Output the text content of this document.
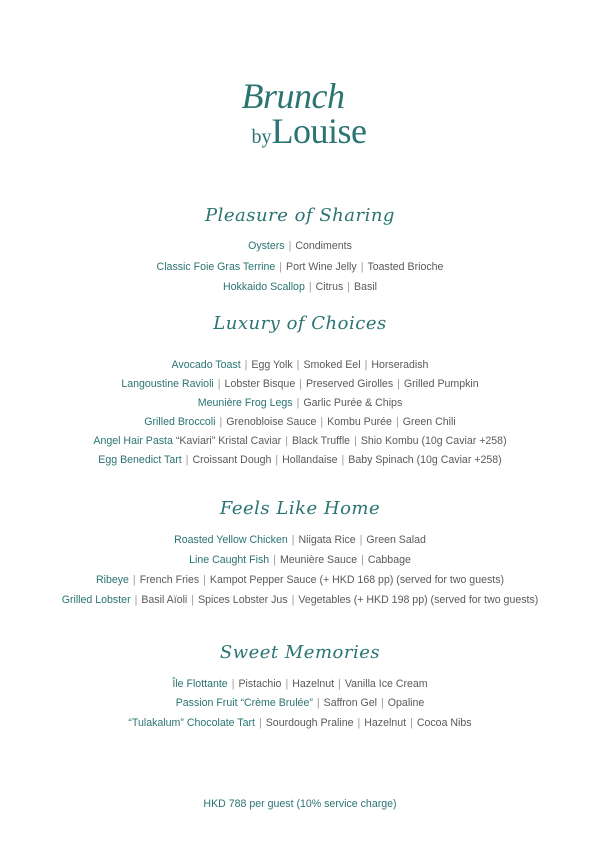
Brunch
byLouise
Pleasure of Sharing
Oysters | Condiments
Classic Foie Gras Terrine | Port Wine Jelly | Toasted Brioche
Hokkaido Scallop | Citrus | Basil
Luxury of Choices
Avocado Toast | Egg Yolk | Smoked Eel | Horseradish
Langoustine Ravioli | Lobster Bisque | Preserved Girolles | Grilled Pumpkin
Meunière Frog Legs | Garlic Purée & Chips
Grilled Broccoli | Grenobloise Sauce | Kombu Purée | Green Chili
Angel Hair Pasta “Kaviari” Kristal Caviar | Black Truffle | Shio Kombu (10g Caviar +258)
Egg Benedict Tart | Croissant Dough | Hollandaise | Baby Spinach (10g Caviar +258)
Feels Like Home
Roasted Yellow Chicken | Niigata Rice | Green Salad
Line Caught Fish | Meunière Sauce | Cabbage
Ribeye | French Fries | Kampot Pepper Sauce (+ HKD 168 pp) (served for two guests)
Grilled Lobster | Basil Aïoli | Spices Lobster Jus | Vegetables (+ HKD 198 pp) (served for two guests)
Sweet Memories
Île Flottante | Pistachio | Hazelnut | Vanilla Ice Cream
Passion Fruit “Crème Brulée” | Saffron Gel | Opaline
“Tulakalum” Chocolate Tart | Sourdough Praline | Hazelnut | Cocoa Nibs
HKD 788 per guest (10% service charge)
